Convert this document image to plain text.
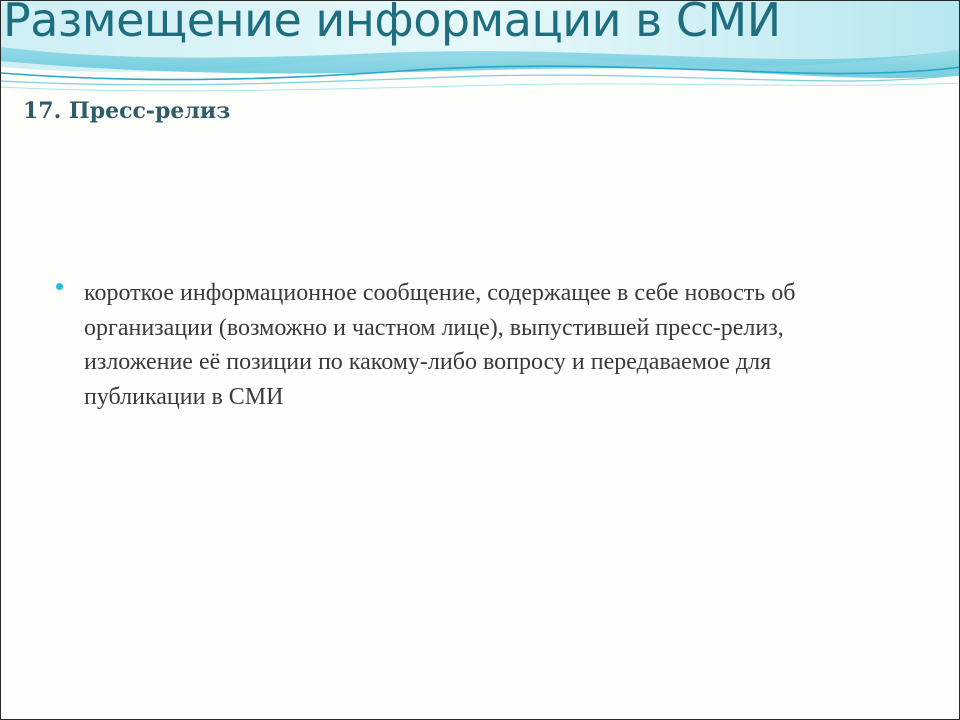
Размещение информации в СМИ
17. Пресс-релиз
короткое информационное сообщение, содержащее в себе новость об организации (возможно и частном лице), выпустившей пресс-релиз, изложение её позиции по какому-либо вопросу и передаваемое для публикации в СМИ
